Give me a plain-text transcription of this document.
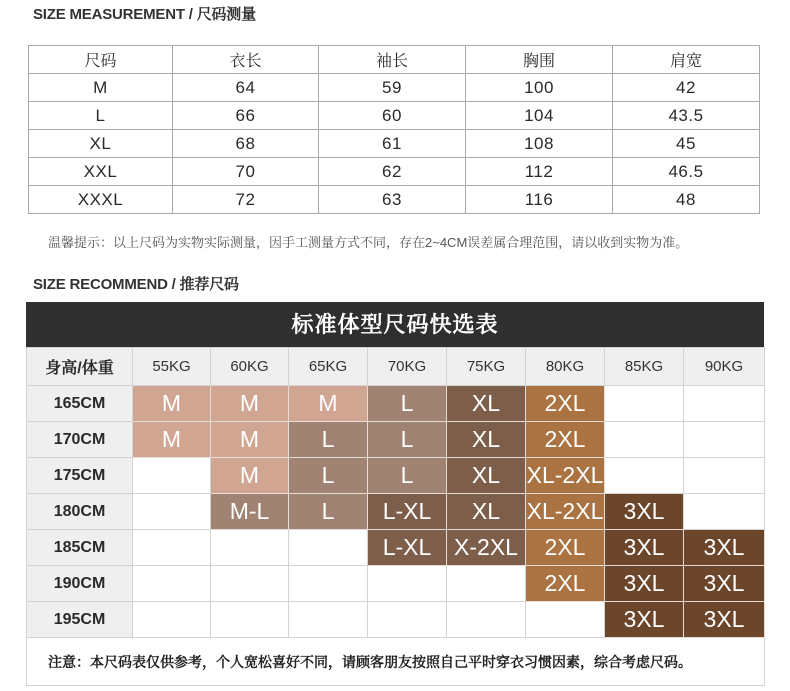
SIZE MEASUREMENT / 尺码测量
尺码	衣长	袖长	胸围	肩宽
M	64	59	100	42
L	66	60	104	43.5
XL	68	61	108	45
XXL	70	62	112	46.5
XXXL	72	63	116	48
温馨提示：以上尺码为实物实际测量，因手工测量方式不同，存在2~4CM误差属合理范围，请以收到实物为准。
SIZE RECOMMEND / 推荐尺码
标准体型尺码快选表
身高/体重	55KG	60KG	65KG	70KG	75KG	80KG	85KG	90KG
165CM	M	M	M	L	XL	2XL		
170CM	M	M	L	L	XL	2XL		
175CM		M	L	L	XL	XL-2XL		
180CM		M-L	L	L-XL	XL	XL-2XL	3XL	
185CM				L-XL	X-2XL	2XL	3XL	3XL
190CM						2XL	3XL	3XL
195CM							3XL	3XL
注意：本尺码表仅供参考，个人宽松喜好不同，请顾客朋友按照自己平时穿衣习惯因素，综合考虑尺码。								
